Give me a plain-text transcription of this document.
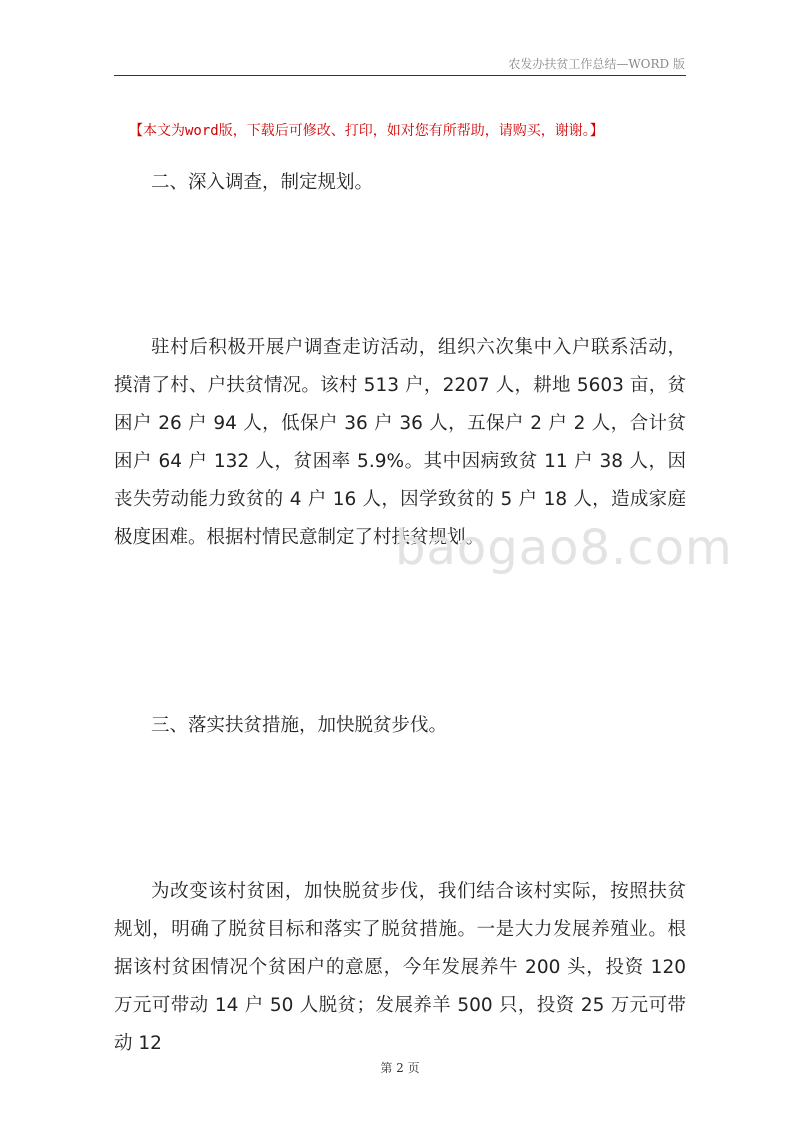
农发办扶贫工作总结—WORD 版
【本文为word版，下载后可修改、打印，如对您有所帮助，请购买，谢谢。】

二、深入调查，制定规划。

驻村后积极开展户调查走访活动，组织六次集中入户联系活动，摸清了村、户扶贫情况。该村 513 户，2207 人，耕地 5603 亩，贫困户 26 户 94 人，低保户 36 户 36 人，五保户 2 户 2 人，合计贫困户 64 户 132 人，贫困率 5.9%。其中因病致贫 11 户 38 人，因丧失劳动能力致贫的 4 户 16 人，因学致贫的 5 户 18 人，造成家庭极度困难。根据村情民意制定了村扶贫规划。

baogao8.com

三、落实扶贫措施，加快脱贫步伐。

为改变该村贫困，加快脱贫步伐，我们结合该村实际，按照扶贫规划，明确了脱贫目标和落实了脱贫措施。一是大力发展养殖业。根据该村贫困情况个贫困户的意愿，今年发展养牛 200 头，投资 120 万元可带动 14 户 50 人脱贫；发展养羊 500 只，投资 25 万元可带动 12

第 2 页
